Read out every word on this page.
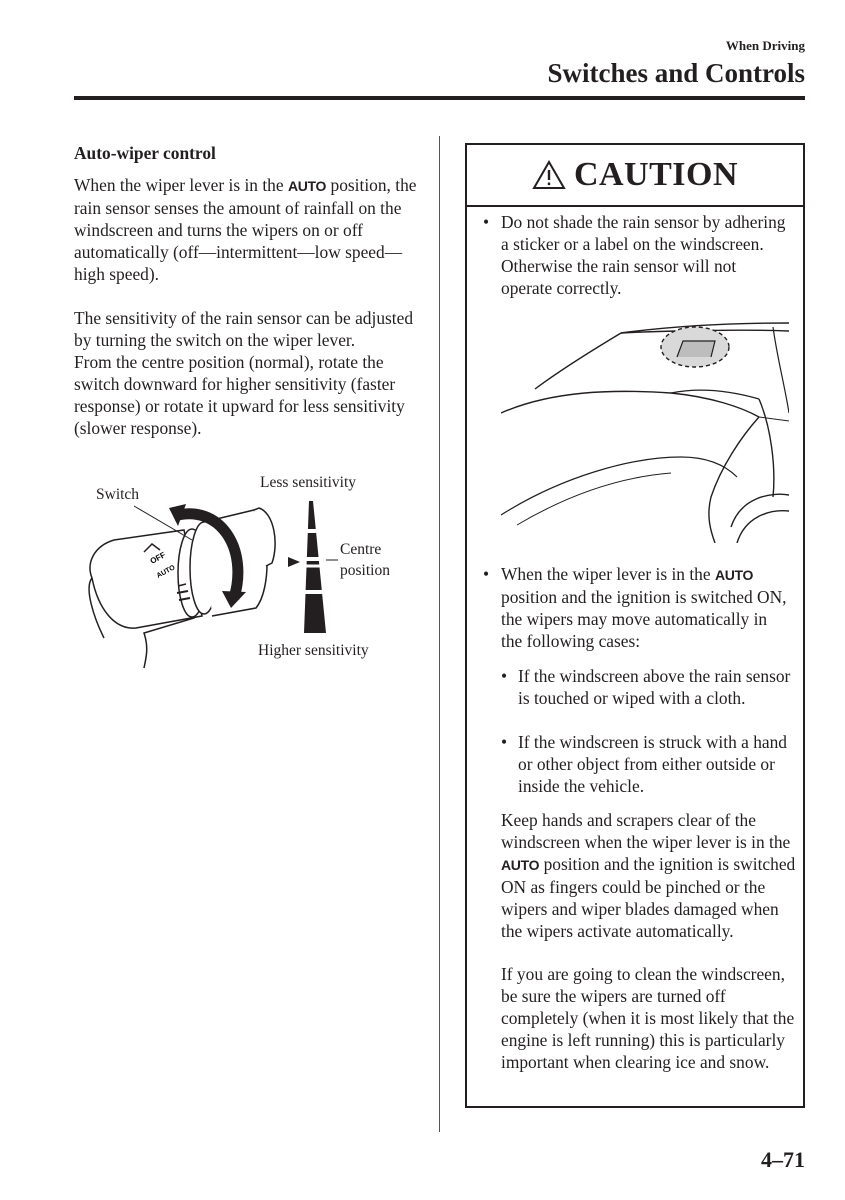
When Driving
Switches and Controls
Auto-wiper control

When the wiper lever is in the AUTO position, the rain sensor senses the amount of rainfall on the windscreen and turns the wipers on or off automatically (off—intermittent—low speed—high speed).

The sensitivity of the rain sensor can be adjusted by turning the switch on the wiper lever.

From the centre position (normal), rotate the switch downward for higher sensitivity (faster response) or rotate it upward for less sensitivity (slower response).

OFF
AUTO
Switch
Less sensitivity
Centre
position
Higher sensitivity
CAUTION
• Do not shade the rain sensor by adhering a sticker or a label on the windscreen. Otherwise the rain sensor will not operate correctly.
• When the wiper lever is in the AUTO position and the ignition is switched ON, the wipers may move automatically in the following cases:
• If the windscreen above the rain sensor is touched or wiped with a cloth.
• If the windscreen is struck with a hand or other object from either outside or inside the vehicle.
Keep hands and scrapers clear of the windscreen when the wiper lever is in the AUTO position and the ignition is switched ON as fingers could be pinched or the wipers and wiper blades damaged when the wipers activate automatically.
If you are going to clean the windscreen, be sure the wipers are turned off completely (when it is most likely that the engine is left running) this is particularly important when clearing ice and snow.
4–71
